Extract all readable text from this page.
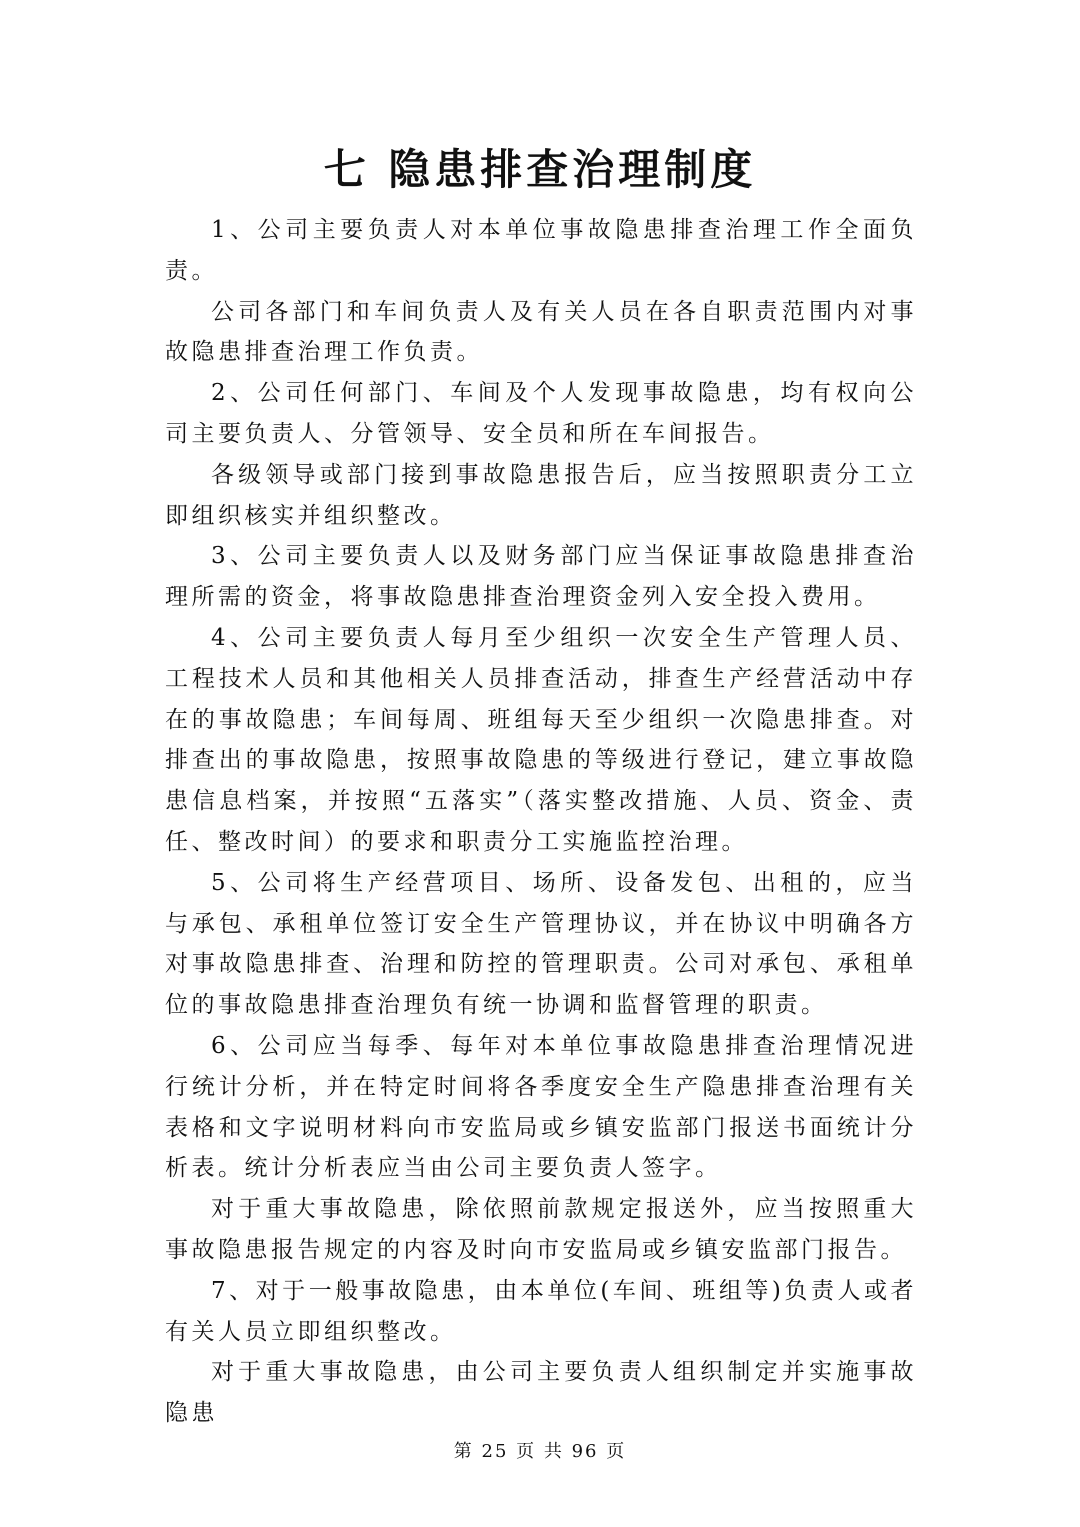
七 隐患排查治理制度

1、公司主要负责人对本单位事故隐患排查治理工作全面负责。

公司各部门和车间负责人及有关人员在各自职责范围内对事故隐患排查治理工作负责。

2、公司任何部门、车间及个人发现事故隐患，均有权向公司主要负责人、分管领导、安全员和所在车间报告。

各级领导或部门接到事故隐患报告后，应当按照职责分工立即组织核实并组织整改。

3、公司主要负责人以及财务部门应当保证事故隐患排查治理所需的资金，将事故隐患排查治理资金列入安全投入费用。

4、公司主要负责人每月至少组织一次安全生产管理人员、工程技术人员和其他相关人员排查活动，排查生产经营活动中存在的事故隐患；车间每周、班组每天至少组织一次隐患排查。对排查出的事故隐患，按照事故隐患的等级进行登记，建立事故隐患信息档案，并按照“五落实”（落实整改措施、人员、资金、责任、整改时间）的要求和职责分工实施监控治理。

5、公司将生产经营项目、场所、设备发包、出租的，应当与承包、承租单位签订安全生产管理协议，并在协议中明确各方对事故隐患排查、治理和防控的管理职责。公司对承包、承租单位的事故隐患排查治理负有统一协调和监督管理的职责。

6、公司应当每季、每年对本单位事故隐患排查治理情况进行统计分析，并在特定时间将各季度安全生产隐患排查治理有关表格和文字说明材料向市安监局或乡镇安监部门报送书面统计分析表。统计分析表应当由公司主要负责人签字。

对于重大事故隐患，除依照前款规定报送外，应当按照重大事故隐患报告规定的内容及时向市安监局或乡镇安监部门报告。

7、对于一般事故隐患，由本单位(车间、班组等)负责人或者有关人员立即组织整改。

对于重大事故隐患，由公司主要负责人组织制定并实施事故隐患

第 25 页 共 96 页
